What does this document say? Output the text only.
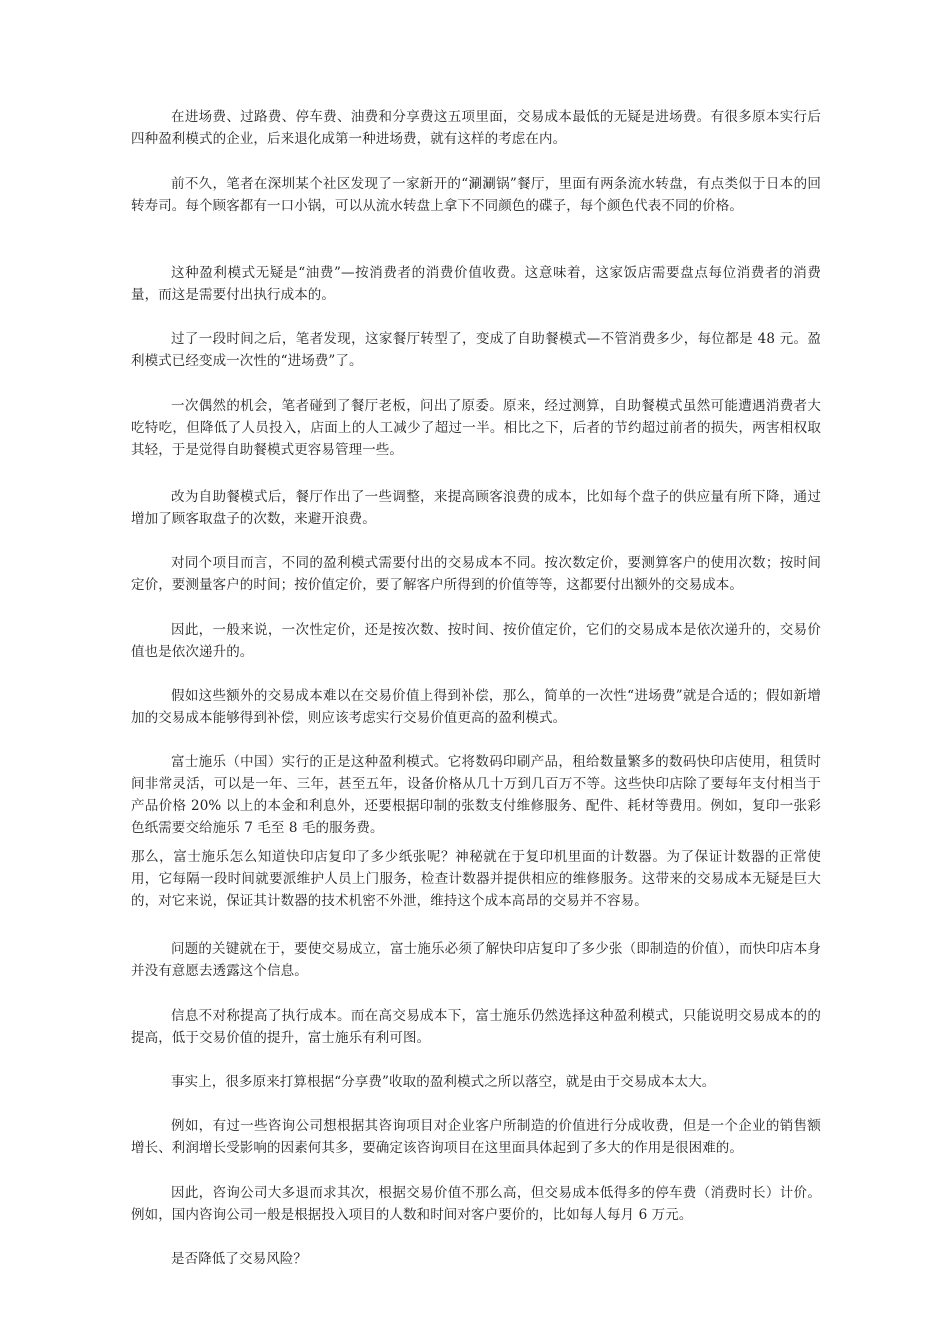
在进场费、过路费、停车费、油费和分享费这五项里面，交易成本最低的无疑是进场费。有很多原本实行后四种盈利模式的企业，后来退化成第一种进场费，就有这样的考虑在内。

前不久，笔者在深圳某个社区发现了一家新开的“涮涮锅”餐厅，里面有两条流水转盘，有点类似于日本的回转寿司。每个顾客都有一口小锅，可以从流水转盘上拿下不同颜色的碟子，每个颜色代表不同的价格。

这种盈利模式无疑是“油费”—按消费者的消费价值收费。这意味着，这家饭店需要盘点每位消费者的消费量，而这是需要付出执行成本的。

过了一段时间之后，笔者发现，这家餐厅转型了，变成了自助餐模式—不管消费多少，每位都是 48 元。盈利模式已经变成一次性的“进场费”了。

一次偶然的机会，笔者碰到了餐厅老板，问出了原委。原来，经过测算，自助餐模式虽然可能遭遇消费者大吃特吃，但降低了人员投入，店面上的人工减少了超过一半。相比之下，后者的节约超过前者的损失，两害相权取其轻，于是觉得自助餐模式更容易管理一些。

改为自助餐模式后，餐厅作出了一些调整，来提高顾客浪费的成本，比如每个盘子的供应量有所下降，通过增加了顾客取盘子的次数，来避开浪费。

对同个项目而言，不同的盈利模式需要付出的交易成本不同。按次数定价，要测算客户的使用次数；按时间定价，要测量客户的时间；按价值定价，要了解客户所得到的价值等等，这都要付出额外的交易成本。

因此，一般来说，一次性定价，还是按次数、按时间、按价值定价，它们的交易成本是依次递升的，交易价值也是依次递升的。

假如这些额外的交易成本难以在交易价值上得到补偿，那么，简单的一次性“进场费”就是合适的；假如新增加的交易成本能够得到补偿，则应该考虑实行交易价值更高的盈利模式。

富士施乐（中国）实行的正是这种盈利模式。它将数码印刷产品，租给数量繁多的数码快印店使用，租赁时间非常灵活，可以是一年、三年，甚至五年，设备价格从几十万到几百万不等。这些快印店除了要每年支付相当于产品价格 20% 以上的本金和利息外，还要根据印制的张数支付维修服务、配件、耗材等费用。例如，复印一张彩色纸需要交给施乐 7 毛至 8 毛的服务费。

那么，富士施乐怎么知道快印店复印了多少纸张呢？神秘就在于复印机里面的计数器。为了保证计数器的正常使用，它每隔一段时间就要派维护人员上门服务，检查计数器并提供相应的维修服务。这带来的交易成本无疑是巨大的，对它来说，保证其计数器的技术机密不外泄，维持这个成本高昂的交易并不容易。

问题的关键就在于，要使交易成立，富士施乐必须了解快印店复印了多少张（即制造的价值），而快印店本身并没有意愿去透露这个信息。

信息不对称提高了执行成本。而在高交易成本下，富士施乐仍然选择这种盈利模式，只能说明交易成本的的提高，低于交易价值的提升，富士施乐有利可图。

事实上，很多原来打算根据“分享费”收取的盈利模式之所以落空，就是由于交易成本太大。

例如，有过一些咨询公司想根据其咨询项目对企业客户所制造的价值进行分成收费，但是一个企业的销售额增长、利润增长受影响的因素何其多，要确定该咨询项目在这里面具体起到了多大的作用是很困难的。

因此，咨询公司大多退而求其次，根据交易价值不那么高，但交易成本低得多的停车费（消费时长）计价。例如，国内咨询公司一般是根据投入项目的人数和时间对客户要价的，比如每人每月 6 万元。

是否降低了交易风险？
